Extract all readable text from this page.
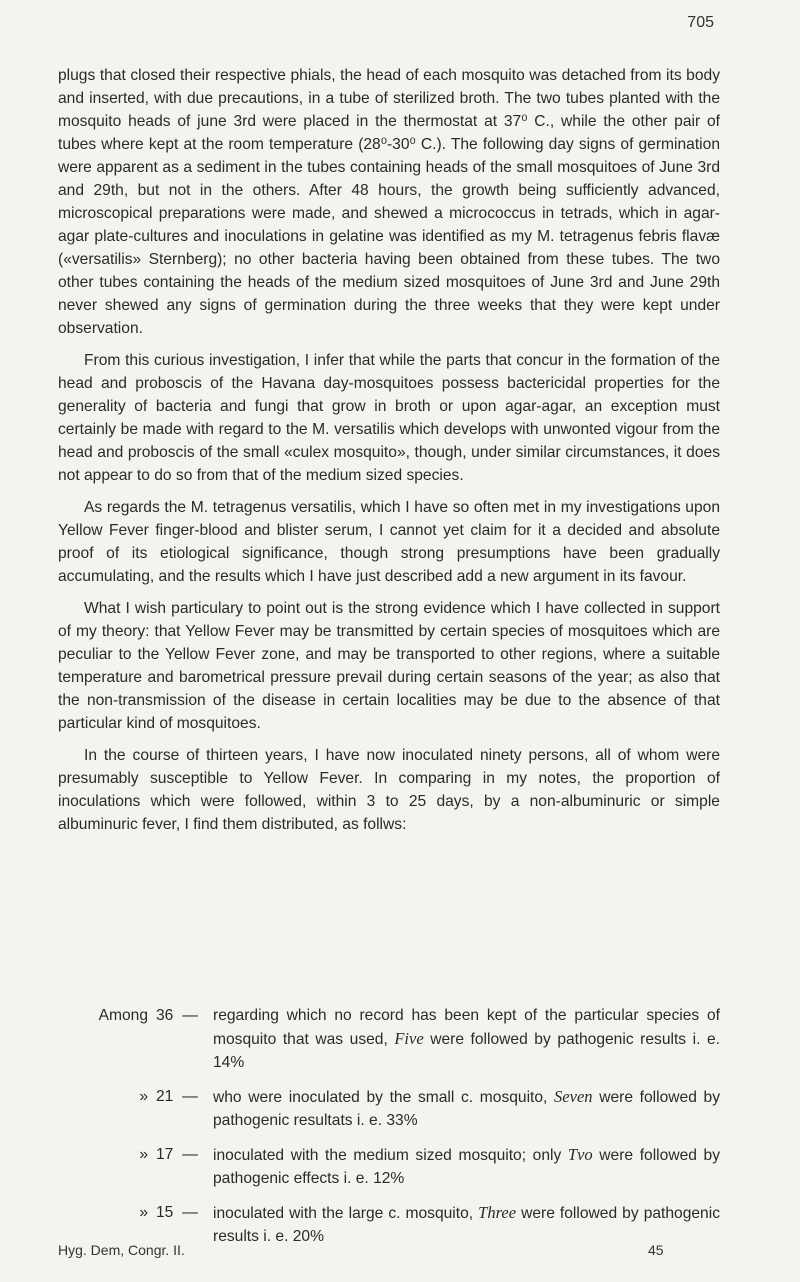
705

plugs that closed their respective phials, the head of each mosquito was detached from its body and inserted, with due precautions, in a tube of sterilized broth. The two tubes planted with the mosquito heads of june 3rd were placed in the thermostat at 37⁰ C., while the other pair of tubes where kept at the room temperature (28⁰-30⁰ C.). The following day signs of germination were apparent as a sediment in the tubes containing heads of the small mosquitoes of June 3rd and 29th, but not in the others. After 48 hours, the growth being sufficiently advanced, microscopical preparations were made, and shewed a micrococcus in tetrads, which in agar-agar plate-cultures and inoculations in gelatine was identified as my M. tetragenus febris flavæ («versatilis» Sternberg); no other bacteria having been obtained from these tubes. The two other tubes containing the heads of the medium sized mosquitoes of June 3rd and June 29th never shewed any signs of germination during the three weeks that they were kept under observation.

From this curious investigation, I infer that while the parts that concur in the formation of the head and proboscis of the Havana day-mosquitoes possess bactericidal properties for the generality of bacteria and fungi that grow in broth or upon agar-agar, an exception must certainly be made with regard to the M. versatilis which develops with unwonted vigour from the head and proboscis of the small «culex mosquito», though, under similar circumstances, it does not appear to do so from that of the medium sized species.

As regards the M. tetragenus versatilis, which I have so often met in my investigations upon Yellow Fever finger-blood and blister serum, I cannot yet claim for it a decided and absolute proof of its etiological significance, though strong presumptions have been gradually accumulating, and the results which I have just described add a new argument in its favour.

What I wish particulary to point out is the strong evidence which I have collected in support of my theory: that Yellow Fever may be transmitted by certain species of mosquitoes which are peculiar to the Yellow Fever zone, and may be transported to other regions, where a suitable temperature and barometrical pressure prevail during certain seasons of the year; as also that the non-transmission of the disease in certain localities may be due to the absence of that particular kind of mosquitoes.

In the course of thirteen years, I have now inoculated ninety persons, all of whom were presumably susceptible to Yellow Fever. In comparing in my notes, the proportion of inoculations which were followed, within 3 to 25 days, by a non-albuminuric or simple albuminuric fever, I find them distributed, as follws:

Among 36 — regarding which no record has been kept of the particular species of mosquito that was used, Five were followed by pathogenic results i. e. 14%
» 21 — who were inoculated by the small c. mosquito, Seven were followed by pathogenic resultats i. e. 33%
» 17 — inoculated with the medium sized mosquito; only Tvo were followed by pathogenic effects i. e. 12%
» 15 — inoculated with the large c. mosquito, Three were followed by pathogenic results i. e. 20%
Hyg. Dem, Congr. II.	45
